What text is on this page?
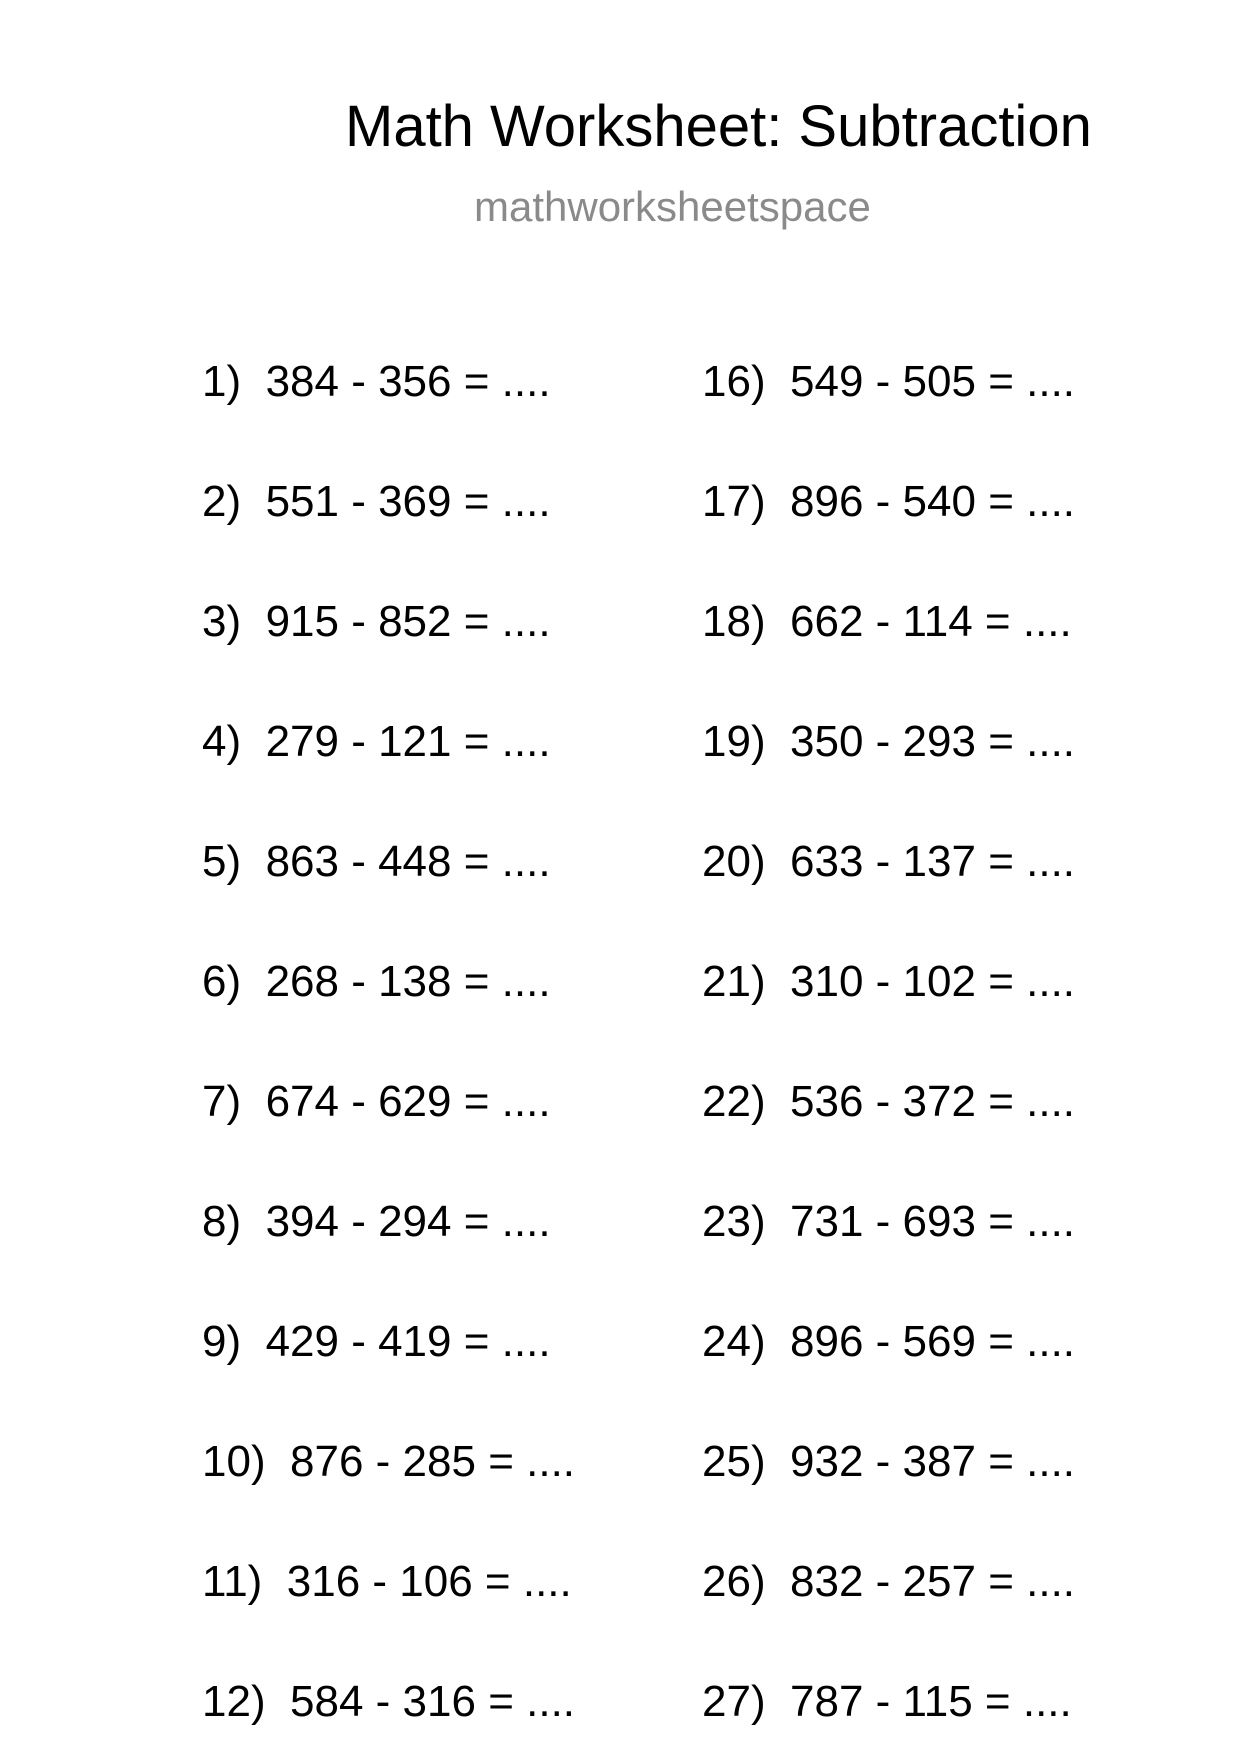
Math Worksheet: Subtraction
mathworksheetspace
1)  384 - 356 = ....
2)  551 - 369 = ....
3)  915 - 852 = ....
4)  279 - 121 = ....
5)  863 - 448 = ....
6)  268 - 138 = ....
7)  674 - 629 = ....
8)  394 - 294 = ....
9)  429 - 419 = ....
10)  876 - 285 = ....
11)  316 - 106 = ....
12)  584 - 316 = ....
16)  549 - 505 = ....
17)  896 - 540 = ....
18)  662 - 114 = ....
19)  350 - 293 = ....
20)  633 - 137 = ....
21)  310 - 102 = ....
22)  536 - 372 = ....
23)  731 - 693 = ....
24)  896 - 569 = ....
25)  932 - 387 = ....
26)  832 - 257 = ....
27)  787 - 115 = ....
